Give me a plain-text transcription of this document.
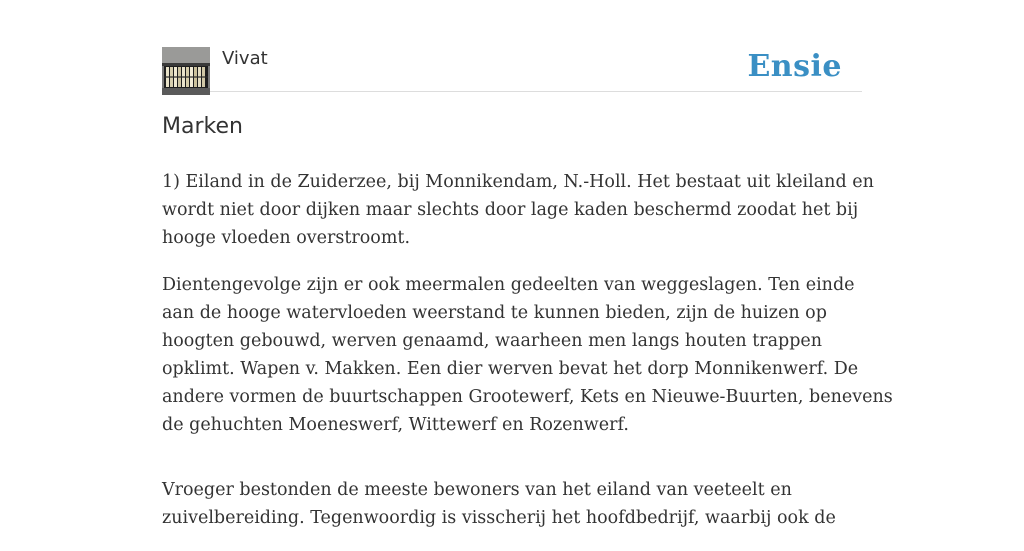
Vivat	Ensie
Marken

1) Eiland in de Zuiderzee, bij Monnikendam, N.-Holl. Het bestaat uit kleiland en
wordt niet door dijken maar slechts door lage kaden beschermd zoodat het bij
hooge vloeden overstroomt.

Dientengevolge zijn er ook meermalen gedeelten van weggeslagen. Ten einde
aan de hooge watervloeden weerstand te kunnen bieden, zijn de huizen op
hoogten gebouwd, werven genaamd, waarheen men langs houten trappen
opklimt. Wapen v. Makken. Een dier werven bevat het dorp Monnikenwerf. De
andere vormen de buurtschappen Grootewerf, Kets en Nieuwe-Buurten, benevens
de gehuchten Moeneswerf, Wittewerf en Rozenwerf.

Vroeger bestonden de meeste bewoners van het eiland van veeteelt en
zuivelbereiding. Tegenwoordig is visscherij het hoofdbedrijf, waarbij ook de
